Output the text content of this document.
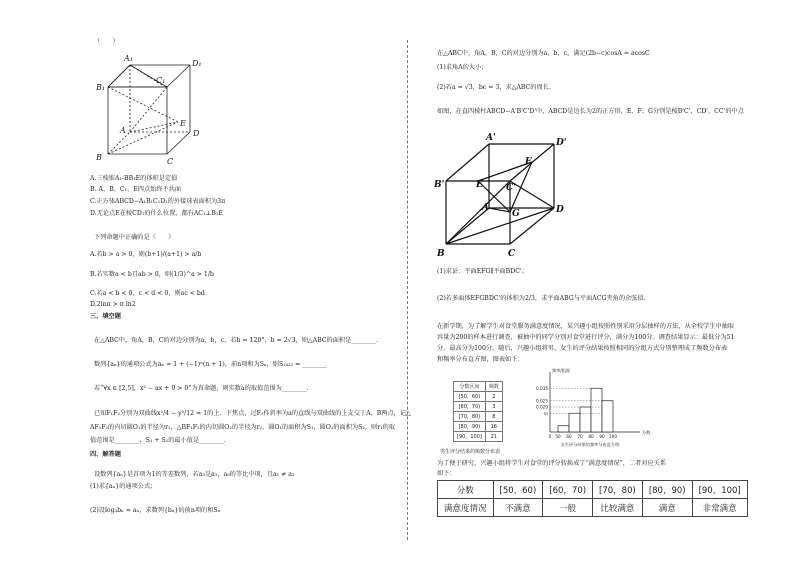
（　　）
A₁
D₁
B₁
C₁
E
A	D
B	C
A.三棱锥A₁-BB₁E的体积是定值
B. A、B、C₁、E四点始终不共面
C.正方体ABCD−A₁B₁C₁D₁的外接球表面积为3π
D.无论点E在棱CD₁的什么位置，都有AC₁⊥B₁E
下列命题中正确的是（　　）
A.若b > a > 0，则(b+1)/(a+1) > a/b
B.若实数a < b且ab > 0，则(1/3)^a > 1/b
C.若a < b < 0，c < d < 0，则ac < bd
D.2lnπ > π ln2
三、填空题
在△ABC中，角A，B，C的对边分别为a，b，c，若b = 120°，b = 2√3，则△ABC的面积是________.
数列{aₙ}的通项公式为aₙ = 1 + (−1)ⁿ(n + 1)，前n项和为Sₙ，则S₂₀₂₂ = ________
若“∀x ∈ [2,5]，x² − ax + 9 > 0”为真命题，则实数a的取值范围为________.
已知F₁F₂分别为双曲线x²/4 − y²/12 = 1的上、下焦点，过F₂作斜率为a的直线与双曲线的上支交于A，B两点，记△
AF₁F₂的内切圆O₁的半径为r₁，△BF₁F₂的内切圆O₂的半径为r₂，圆O₁的面积为S₁，圆O₂的面积为S₂，则r₁的取
值范围是________，S₁ + S₂的最小值是________.
四、解答题
设数列{aₙ}是首项为1的等差数列，若a₃是a₁，a₉的等比中项，且a₁ ≠ a₃
(1)求{aₙ}的通项公式；
(2)设log₃bₙ = aₙ，求数列{bₙ}的前n项的和Sₙ
在△ABC中，角A，B，C的对边分别为a，b，c，满足(2b−c)cosA = acosC
(1)求角A的大小；
(2)若a = √3，bc = 3，求△ABC的周长.
如图，在直四棱柱ABCD−A'B'C'D'中，ABCD是边长为2的正方形，E、F、G分别是棱B'C'、CD'、CC'的中点
A'	D'
B'
F
E	C'
A
G	D
B	C
(1)求证：平面EFG∥平面BDC'；
(2)若多面体EFGBDC'的体积为2/3，求平面ABG与平面ACG夹角的余弦值.
在新学期，为了解学生对食堂服务满意度情况，某兴趣小组按照性别采用分层抽样的方法，从全校学生中抽取
容量为200的样本进行调查，被抽中的同学分别对食堂进行评分，满分为100分。调查结果显示：最低分为51
分，最高分为100分。随后，兴趣小组将男、女生的评分结果按照相同的分组方式分别整理成了频数分布表
和频率分布直方图，图表如下：
分数区间	频数
[50，60)	2
[60，70)	3
[70，80)	8
[80，90)	16
[90，100]	21
男生评分结果的频数分布表
0.035
0.025
0.020
m
0 50 60 70 80 90 100
频率/组距
分数
女生评分结果的频率分布直方图
为了便于研究，兴趣小组将学生对食堂的评分转换成了“满意度情况”，二者对应关系
如下：
分数	[50，60)	[60，70)	[70，80)	[80，90)	[90，100]
满意度情况	不满意	一般	比较满意	满意	非常满意
